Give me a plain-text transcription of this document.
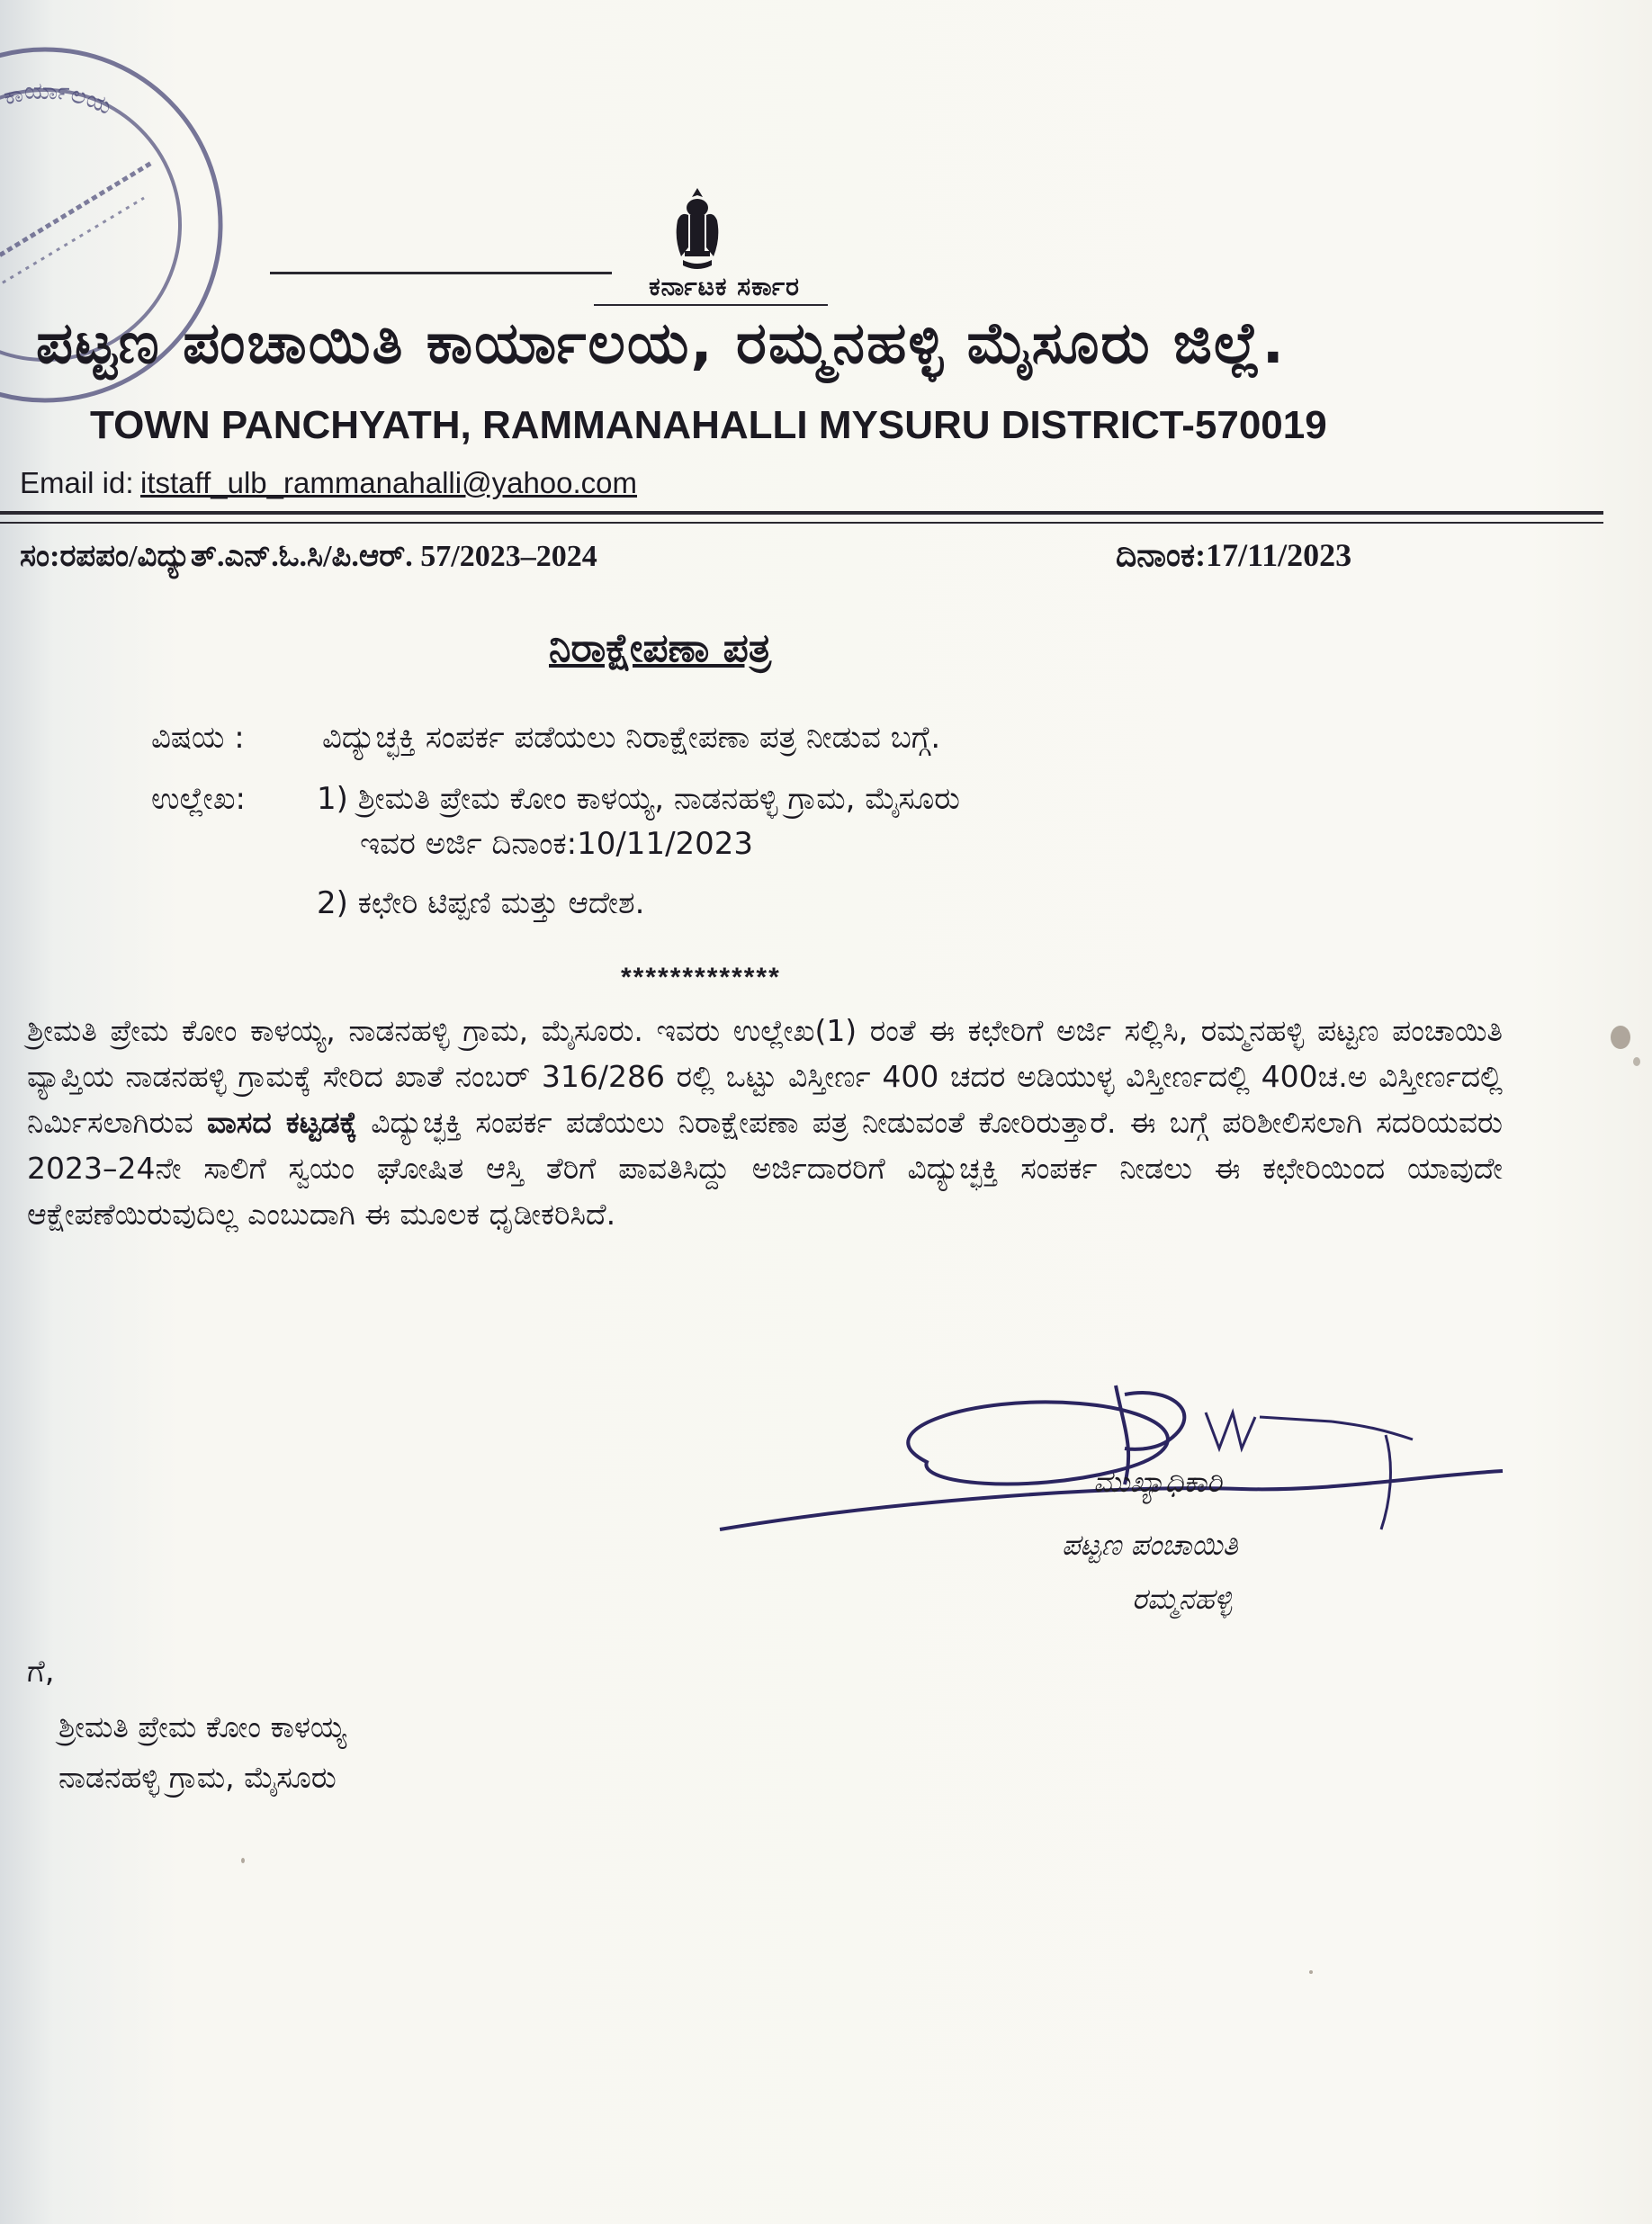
ಕಾರ್ಯಾಲಯ
ಕರ್ನಾಟಕ ಸರ್ಕಾರ
ಪಟ್ಟಣ ಪಂಚಾಯಿತಿ ಕಾರ್ಯಾಲಯ, ರಮ್ಮನಹಳ್ಳಿ ಮೈಸೂರು ಜಿಲ್ಲೆ.
TOWN PANCHYATH, RAMMANAHALLI MYSURU DISTRICT-570019
Email id: itstaff_ulb_rammanahalli@yahoo.com
ಸಂ:ರಪಪಂ/ವಿದ್ಯುತ್.ಎನ್.ಓ.ಸಿ/ಪಿ.ಆರ್. 57/2023–2024	ದಿನಾಂಕ:17/11/2023
ನಿರಾಕ್ಷೇಪಣಾ ಪತ್ರ
ವಿಷಯ :	ವಿದ್ಯುಚ್ಛಕ್ತಿ ಸಂಪರ್ಕ ಪಡೆಯಲು ನಿರಾಕ್ಷೇಪಣಾ ಪತ್ರ ನೀಡುವ ಬಗ್ಗೆ.
ಉಲ್ಲೇಖ: 1) ಶ್ರೀಮತಿ ಪ್ರೇಮ ಕೋಂ ಕಾಳಯ್ಯ, ನಾಡನಹಳ್ಳಿ ಗ್ರಾಮ, ಮೈಸೂರು
ಇವರ ಅರ್ಜಿ ದಿನಾಂಕ:10/11/2023
2) ಕಛೇರಿ ಟಿಪ್ಪಣಿ ಮತ್ತು ಆದೇಶ.
*************
ಶ್ರೀಮತಿ ಪ್ರೇಮ ಕೋಂ ಕಾಳಯ್ಯ, ನಾಡನಹಳ್ಳಿ ಗ್ರಾಮ, ಮೈಸೂರು. ಇವರು ಉಲ್ಲೇಖ(1) ರಂತೆ ಈ ಕಛೇರಿಗೆ ಅರ್ಜಿ ಸಲ್ಲಿಸಿ, ರಮ್ಮನಹಳ್ಳಿ ಪಟ್ಟಣ ಪಂಚಾಯಿತಿ ವ್ಯಾಪ್ತಿಯ ನಾಡನಹಳ್ಳಿ ಗ್ರಾಮಕ್ಕೆ ಸೇರಿದ ಖಾತೆ ನಂಬರ್ 316/286 ರಲ್ಲಿ ಒಟ್ಟು ವಿಸ್ತೀರ್ಣ 400 ಚದರ ಅಡಿಯುಳ್ಳ ವಿಸ್ತೀರ್ಣದಲ್ಲಿ 400ಚ.ಅ ವಿಸ್ತೀರ್ಣದಲ್ಲಿ ನಿರ್ಮಿಸಲಾಗಿರುವ ವಾಸದ ಕಟ್ಟಡಕ್ಕೆ ವಿದ್ಯುಚ್ಛಕ್ತಿ ಸಂಪರ್ಕ ಪಡೆಯಲು ನಿರಾಕ್ಷೇಪಣಾ ಪತ್ರ ನೀಡುವಂತೆ ಕೋರಿರುತ್ತಾರೆ. ಈ ಬಗ್ಗೆ ಪರಿಶೀಲಿಸಲಾಗಿ ಸದರಿಯವರು 2023–24ನೇ ಸಾಲಿಗೆ ಸ್ವಯಂ ಘೋಷಿತ ಆಸ್ತಿ ತೆರಿಗೆ ಪಾವತಿಸಿದ್ದು ಅರ್ಜಿದಾರರಿಗೆ ವಿದ್ಯುಚ್ಛಕ್ತಿ ಸಂಪರ್ಕ ನೀಡಲು ಈ ಕಛೇರಿಯಿಂದ ಯಾವುದೇ ಆಕ್ಷೇಪಣೆಯಿರುವುದಿಲ್ಲ ಎಂಬುದಾಗಿ ಈ ಮೂಲಕ ಧೃಡೀಕರಿಸಿದೆ.
ಮುಖ್ಯಾಧಿಕಾರಿ
ಪಟ್ಟಣ ಪಂಚಾಯಿತಿ
ರಮ್ಮನಹಳ್ಳಿ
ಗೆ,
ಶ್ರೀಮತಿ ಪ್ರೇಮ ಕೋಂ ಕಾಳಯ್ಯ
ನಾಡನಹಳ್ಳಿ ಗ್ರಾಮ, ಮೈಸೂರು
